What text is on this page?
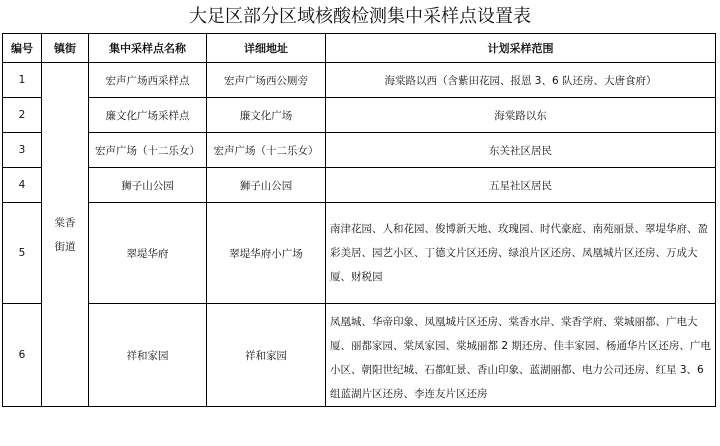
大足区部分区域核酸检测集中采样点设置表
编号	镇街	集中采样点名称	详细地址	计划采样范围
1	棠香街道	宏声广场西采样点	宏声广场西公厕旁	海棠路以西（含紫田花园、报恩 3、6 队还房、大唐食府）
2		廉文化广场采样点	廉文化广场	海棠路以东
3		宏声广场（十二乐女）	宏声广场（十二乐女）	东关社区居民
4		狮子山公园	狮子山公园	五星社区居民
5		翠堤华府	翠堤华府小广场	南津花园、人和花园、俊博新天地、玫瑰园、时代豪庭、南苑丽景、翠堤华府、盈彩美居、园艺小区、丁德文片区还房、绿浪片区还房、凤凰城片区还房、万成大厦、财税园
6		祥和家园	祥和家园	凤凰城、华帝印象、凤凰城片区还房、棠香水岸、棠香学府、棠城丽都、广电大厦、丽都家园、棠凤家园、棠城丽都 2 期还房、佳丰家园、杨通华片区还房、广电小区、朝阳世纪城、石都虹景、香山印象、蓝湖丽都、电力公司还房、红星 3、6 组蓝湖片区还房、李连友片区还房
